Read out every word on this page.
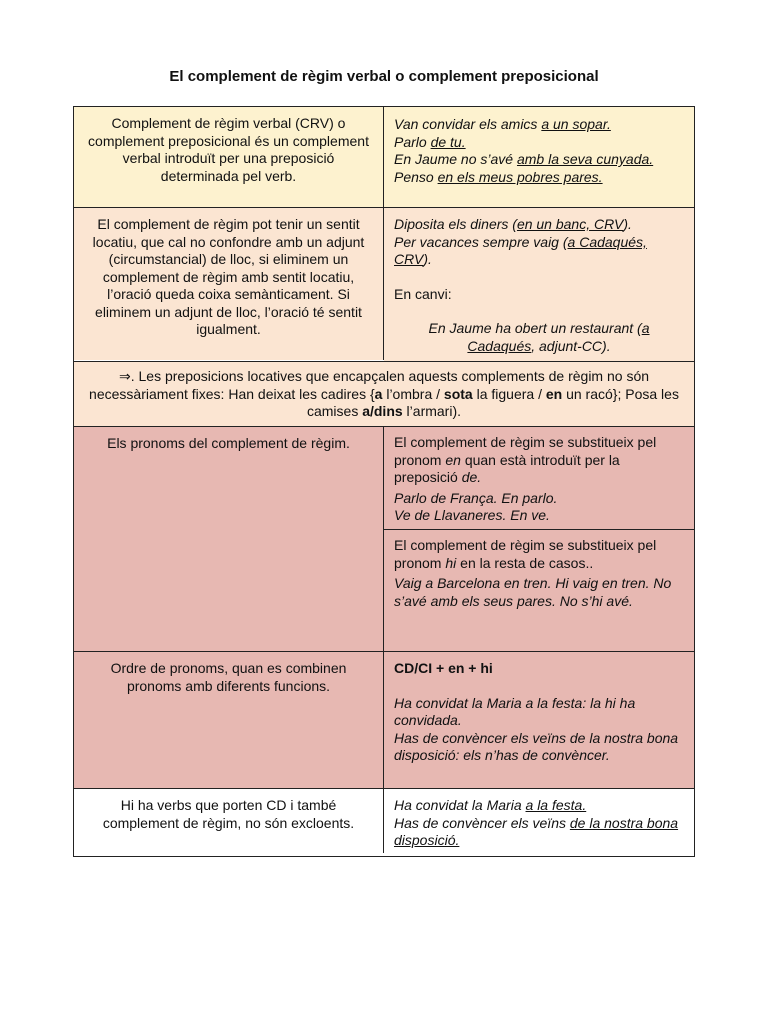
El complement de règim verbal o complement preposicional
Complement de règim verbal (CRV) o complement preposicional és un complement verbal introduït per una preposició determinada pel verb.
Van convidar els amics a un sopar.
Parlo de tu.
En Jaume no s’avé amb la seva cunyada.
Penso en els meus pobres pares.
El complement de règim pot tenir un sentit locatiu, que cal no confondre amb un adjunt (circumstancial) de lloc, si eliminem un complement de règim amb sentit locatiu, l’oració queda coixa semànticament. Si eliminem un adjunt de lloc, l’oració té sentit igualment.
Diposita els diners (en un banc, CRV).
Per vacances sempre vaig (a Cadaqués, CRV).
En canvi:
En Jaume ha obert un restaurant (a Cadaqués, adjunt-CC).
⇒. Les preposicions locatives que encapçalen aquests complements de règim no són necessàriament fixes: Han deixat les cadires {a l’ombra / sota la figuera / en un racó}; Posa les camises a/dins l’armari).
Els pronoms del complement de règim.	El complement de règim se substitueix pel pronom en quan està introduït per la preposició de.

Parlo de França. En parlo.

Ve de Llavaneres. En ve.

El complement de règim se substitueix pel pronom hi en la resta de casos..

Vaig a Barcelona en tren. Hi vaig en tren. No s’avé amb els seus pares. No s’hi avé.

Ordre de pronoms, quan es combinen pronoms amb diferents funcions.

CD/CI + en + hi

Ha convidat la Maria a la festa: la hi ha convidada.

Has de convèncer els veïns de la nostra bona disposició: els n’has de convèncer.

Hi ha verbs que porten CD i també complement de règim, no són excloents.

Ha convidat la Maria a la festa.

Has de convèncer els veïns de la nostra bona disposició.
